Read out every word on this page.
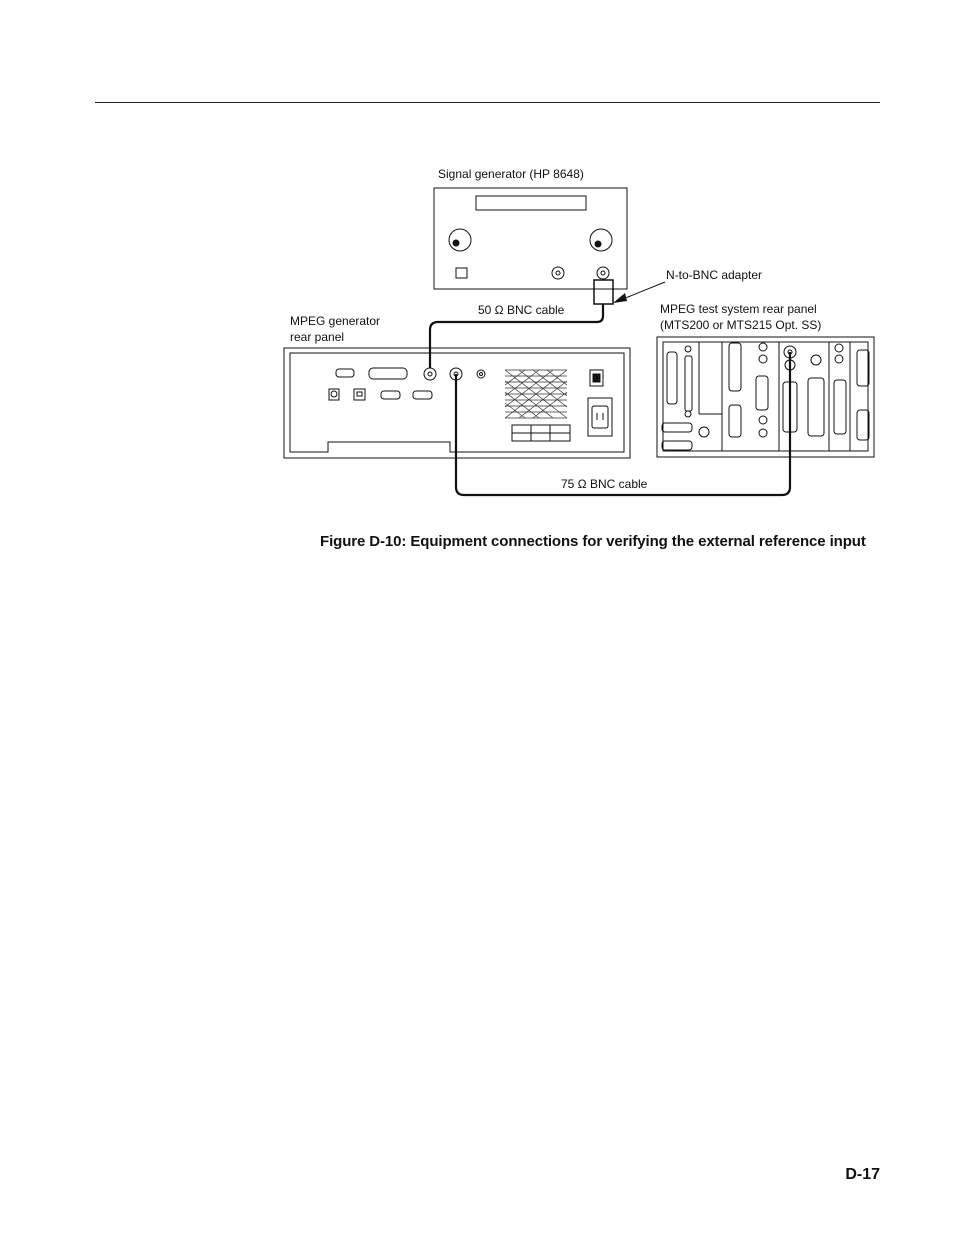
Signal generator (HP 8648)
N-to-BNC adapter
50 Ω BNC cable
MPEG generator
rear panel
MPEG test system rear panel
(MTS200 or MTS215 Opt. SS)
75 Ω BNC cable
Figure D-10: Equipment connections for verifying the external reference input
D-17
